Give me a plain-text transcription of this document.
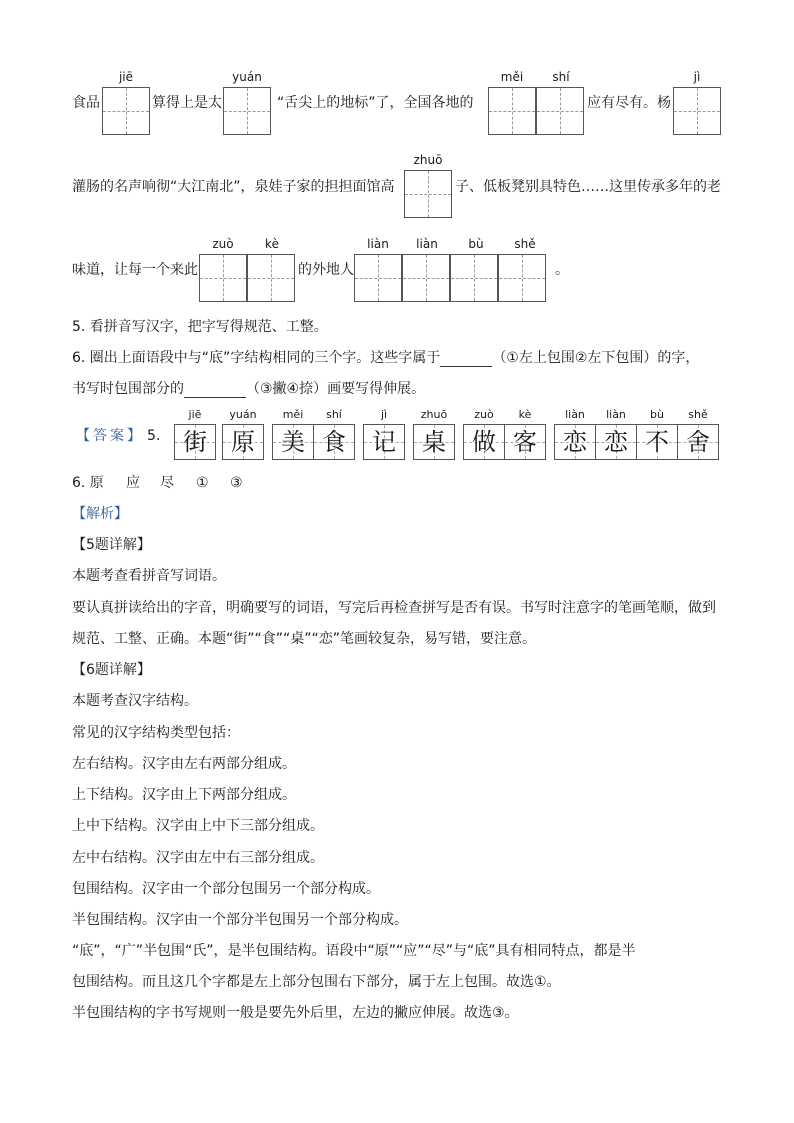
食品
jiē
算得上是太
yuán
“舌尖上的地标”了，全国各地的
měi	shí
应有尽有。杨
jì
灌肠的名声响彻“大江南北”，泉娃子家的担担面馆高
zhuō
子、低板凳别具特色……这里传承多年的老
味道，让每一个来此
zuò	kè
的外地人
liàn	liàn	bù	shě
。
5. 看拼音写汉字，把字写得规范、工整。
6. 圈出上面语段中与“底”字结构相同的三个字。这些字属于	（①左上包围②左下包围）的字，
书写时包围部分的	（③撇④捺）画要写得伸展。
【答案】 5.
jiē	yuán	měi	shí	jì	zhuō	zuò	kè	liàn	liàn	bù	shě
街	原	美 食	记	桌	做 客	恋 恋 不 舍
6. 原 应 尽 ① ③
【解析】
【5题详解】
本题考查看拼音写词语。
要认真拼读给出的字音，明确要写的词语，写完后再检查拼写是否有误。书写时注意字的笔画笔顺，做到
规范、工整、正确。本题“街”“食”“桌”“恋”笔画较复杂，易写错，要注意。
【6题详解】
本题考查汉字结构。
常见的汉字结构类型包括：
左右结构。汉字由左右两部分组成。
上下结构。汉字由上下两部分组成。
上中下结构。汉字由上中下三部分组成。
左中右结构。汉字由左中右三部分组成。
包围结构。汉字由一个部分包围另一个部分构成。
半包围结构。汉字由一个部分半包围另一个部分构成。
“底”，“广”半包围“氏”，是半包围结构。语段中“原”“应”“尽”与“底”具有相同特点，都是半
包围结构。而且这几个字都是左上部分包围右下部分，属于左上包围。故选①。
半包围结构的字书写规则一般是要先外后里，左边的撇应伸展。故选③。
